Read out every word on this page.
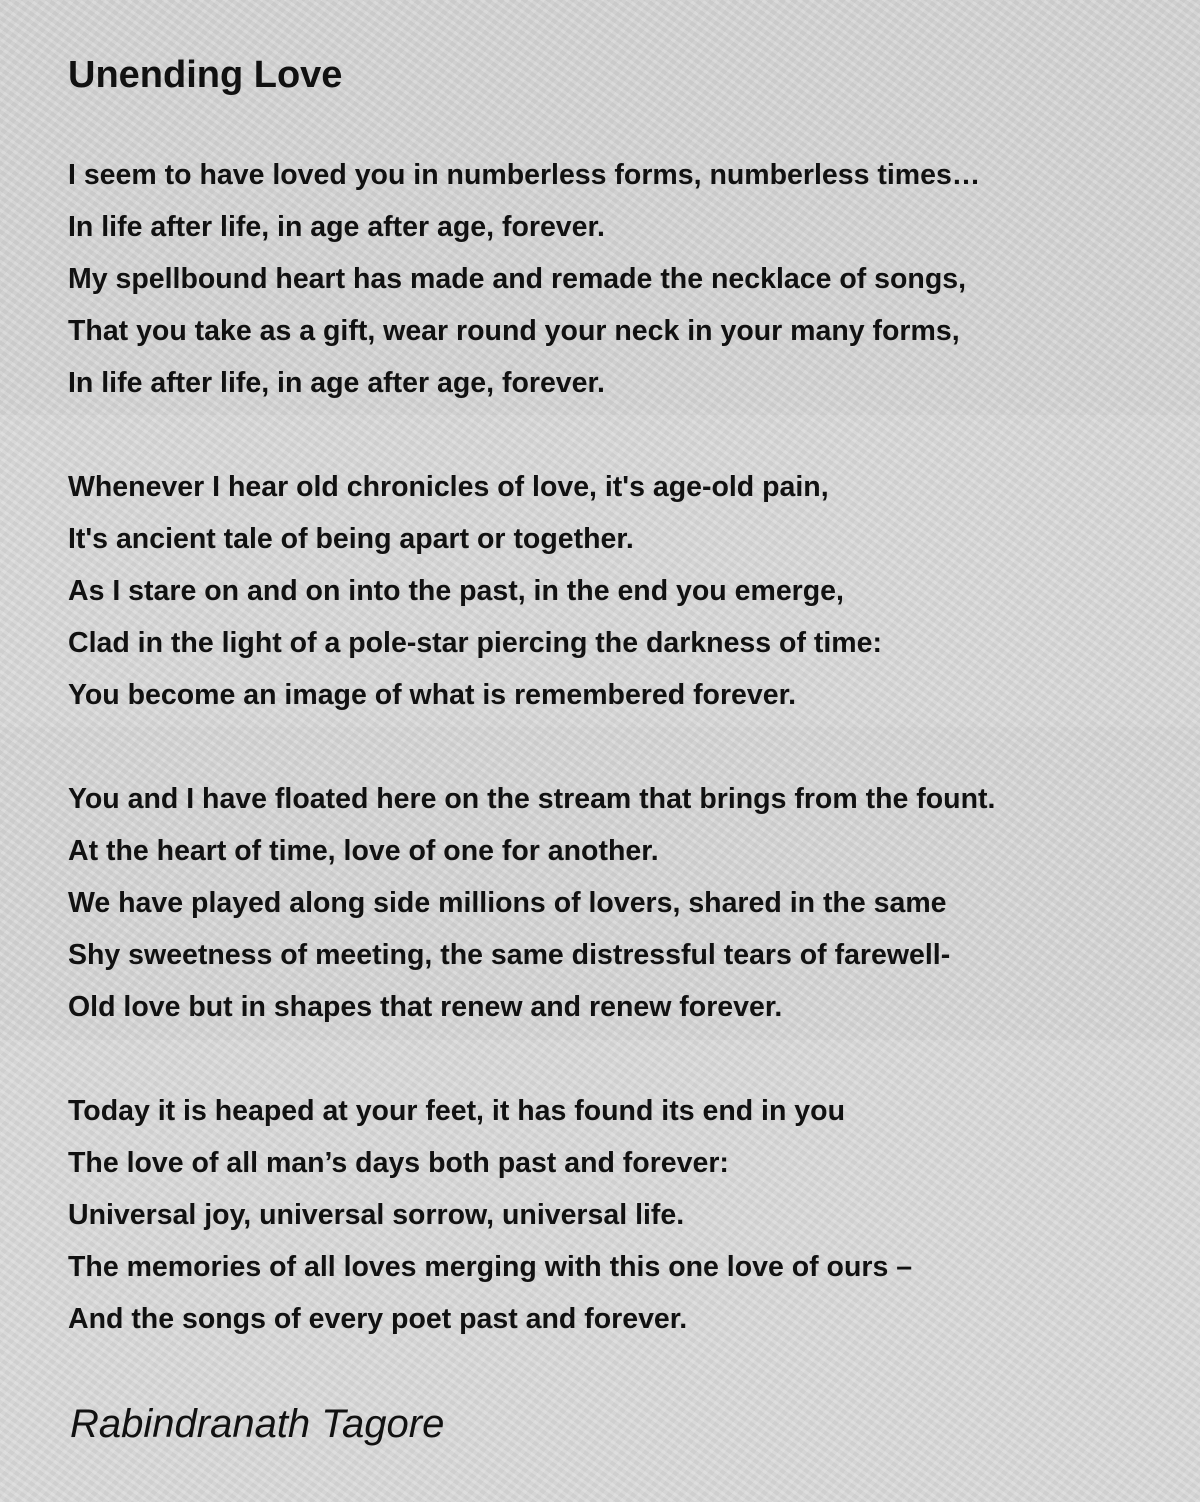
Unending Love

I seem to have loved you in numberless forms, numberless times…
In life after life, in age after age, forever.
My spellbound heart has made and remade the necklace of songs,
That you take as a gift, wear round your neck in your many forms,
In life after life, in age after age, forever.

Whenever I hear old chronicles of love, it's age-old pain,
It's ancient tale of being apart or together.
As I stare on and on into the past, in the end you emerge,
Clad in the light of a pole-star piercing the darkness of time:
You become an image of what is remembered forever.

You and I have floated here on the stream that brings from the fount.
At the heart of time, love of one for another.
We have played along side millions of lovers, shared in the same
Shy sweetness of meeting, the same distressful tears of farewell-
Old love but in shapes that renew and renew forever.

Today it is heaped at your feet, it has found its end in you
The love of all man’s days both past and forever:
Universal joy, universal sorrow, universal life.
The memories of all loves merging with this one love of ours –
And the songs of every poet past and forever.

Rabindranath Tagore
